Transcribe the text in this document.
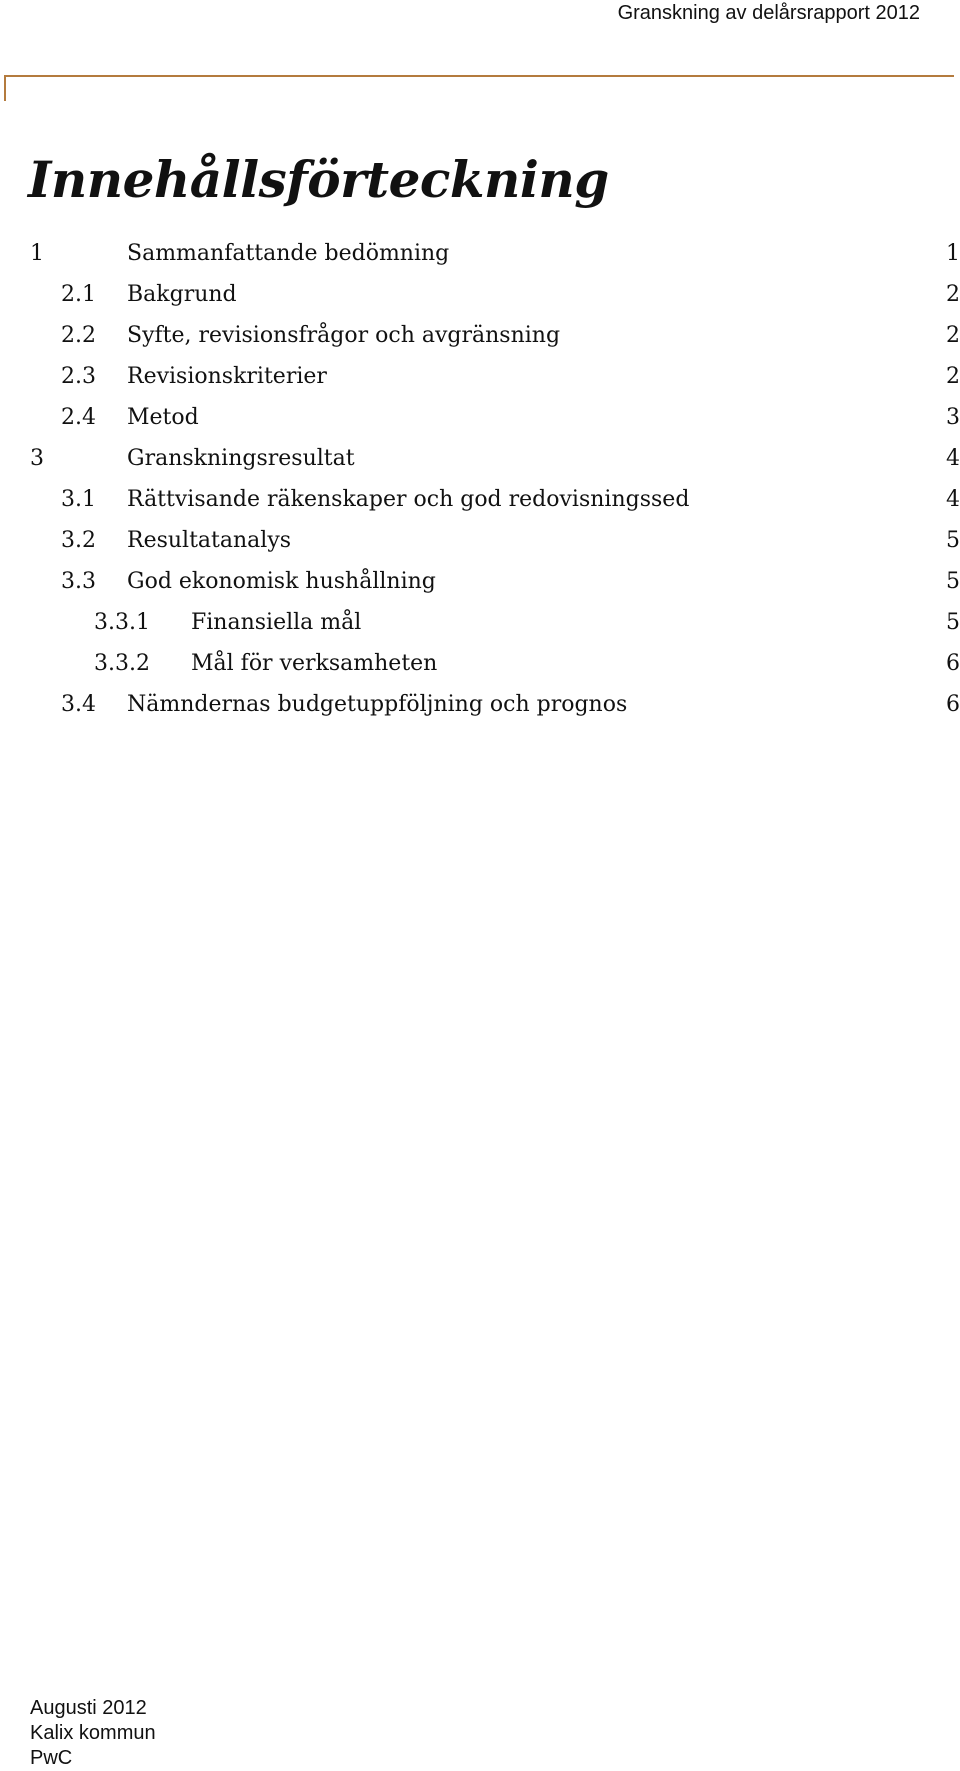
Granskning av delårsrapport 2012
Innehållsförteckning
1	Sammanfattande bedömning	1
2.1 Bakgrund	2
2.2 Syfte, revisionsfrågor och avgränsning	2
2.3 Revisionskriterier	2
2.4 Metod	3
3	Granskningsresultat	4
3.1 Rättvisande räkenskaper och god redovisningssed	4
3.2 Resultatanalys	5
3.3 God ekonomisk hushållning	5
3.3.1 Finansiella mål	5
3.3.2 Mål för verksamheten	6
3.4 Nämndernas budgetuppföljning och prognos	6
Augusti 2012
Kalix kommun
PwC
